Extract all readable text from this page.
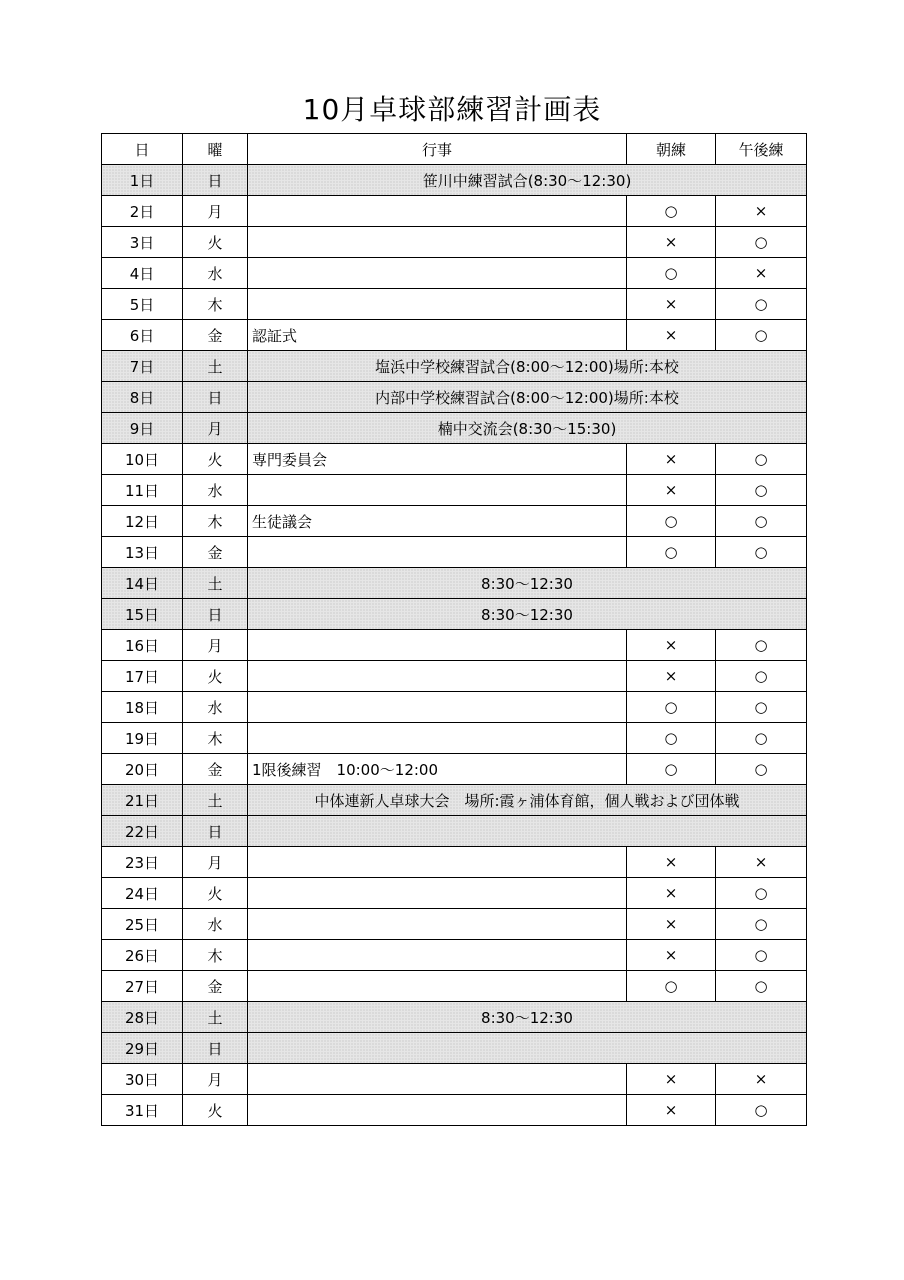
10月卓球部練習計画表
日	曜	行事	朝練	午後練
1日	日	笹川中練習試合(8:30〜12:30)		
2日	月		○	×
3日	火		×	○
4日	水		○	×
5日	木		×	○
6日	金	認証式	×	○
7日	土	塩浜中学校練習試合(8:00〜12:00)場所:本校		
8日	日	内部中学校練習試合(8:00〜12:00)場所:本校		
9日	月	楠中交流会(8:30〜15:30)		
10日	火	専門委員会	×	○
11日	水		×	○
12日	木	生徒議会	○	○
13日	金		○	○
14日	土	8:30〜12:30		
15日	日	8:30〜12:30		
16日	月		×	○
17日	火		×	○
18日	水		○	○
19日	木		○	○
20日	金	1限後練習　10:00〜12:00	○	○
21日	土	中体連新人卓球大会　場所:霞ヶ浦体育館，個人戦および団体戦		
22日	日			
23日	月		×	×
24日	火		×	○
25日	水		×	○
26日	木		×	○
27日	金		○	○
28日	土	8:30〜12:30		
29日	日			
30日	月		×	×
31日	火		×	○
